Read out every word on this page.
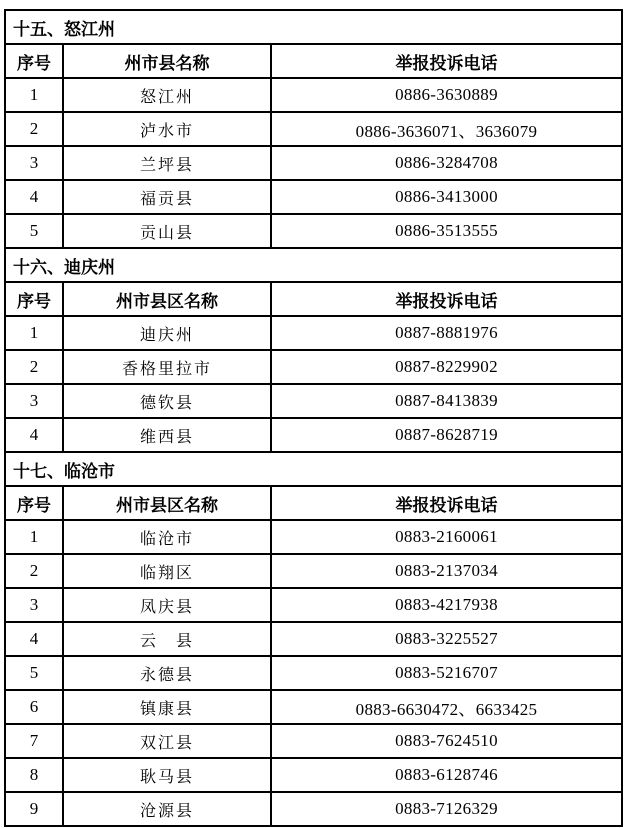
十五、怒江州		
序号	州市县名称	举报投诉电话
1	怒江州	0886-3630889
2	泸水市	0886-3636071、3636079
3	兰坪县	0886-3284708
4	福贡县	0886-3413000
5	贡山县	0886-3513555
十六、迪庆州		
序号	州市县区名称	举报投诉电话
1	迪庆州	0887-8881976
2	香格里拉市	0887-8229902
3	德钦县	0887-8413839
4	维西县	0887-8628719
十七、临沧市		
序号	州市县区名称	举报投诉电话
1	临沧市	0883-2160061
2	临翔区	0883-2137034
3	凤庆县	0883-4217938
4	云　县	0883-3225527
5	永德县	0883-5216707
6	镇康县	0883-6630472、6633425
7	双江县	0883-7624510
8	耿马县	0883-6128746
9	沧源县	0883-7126329
